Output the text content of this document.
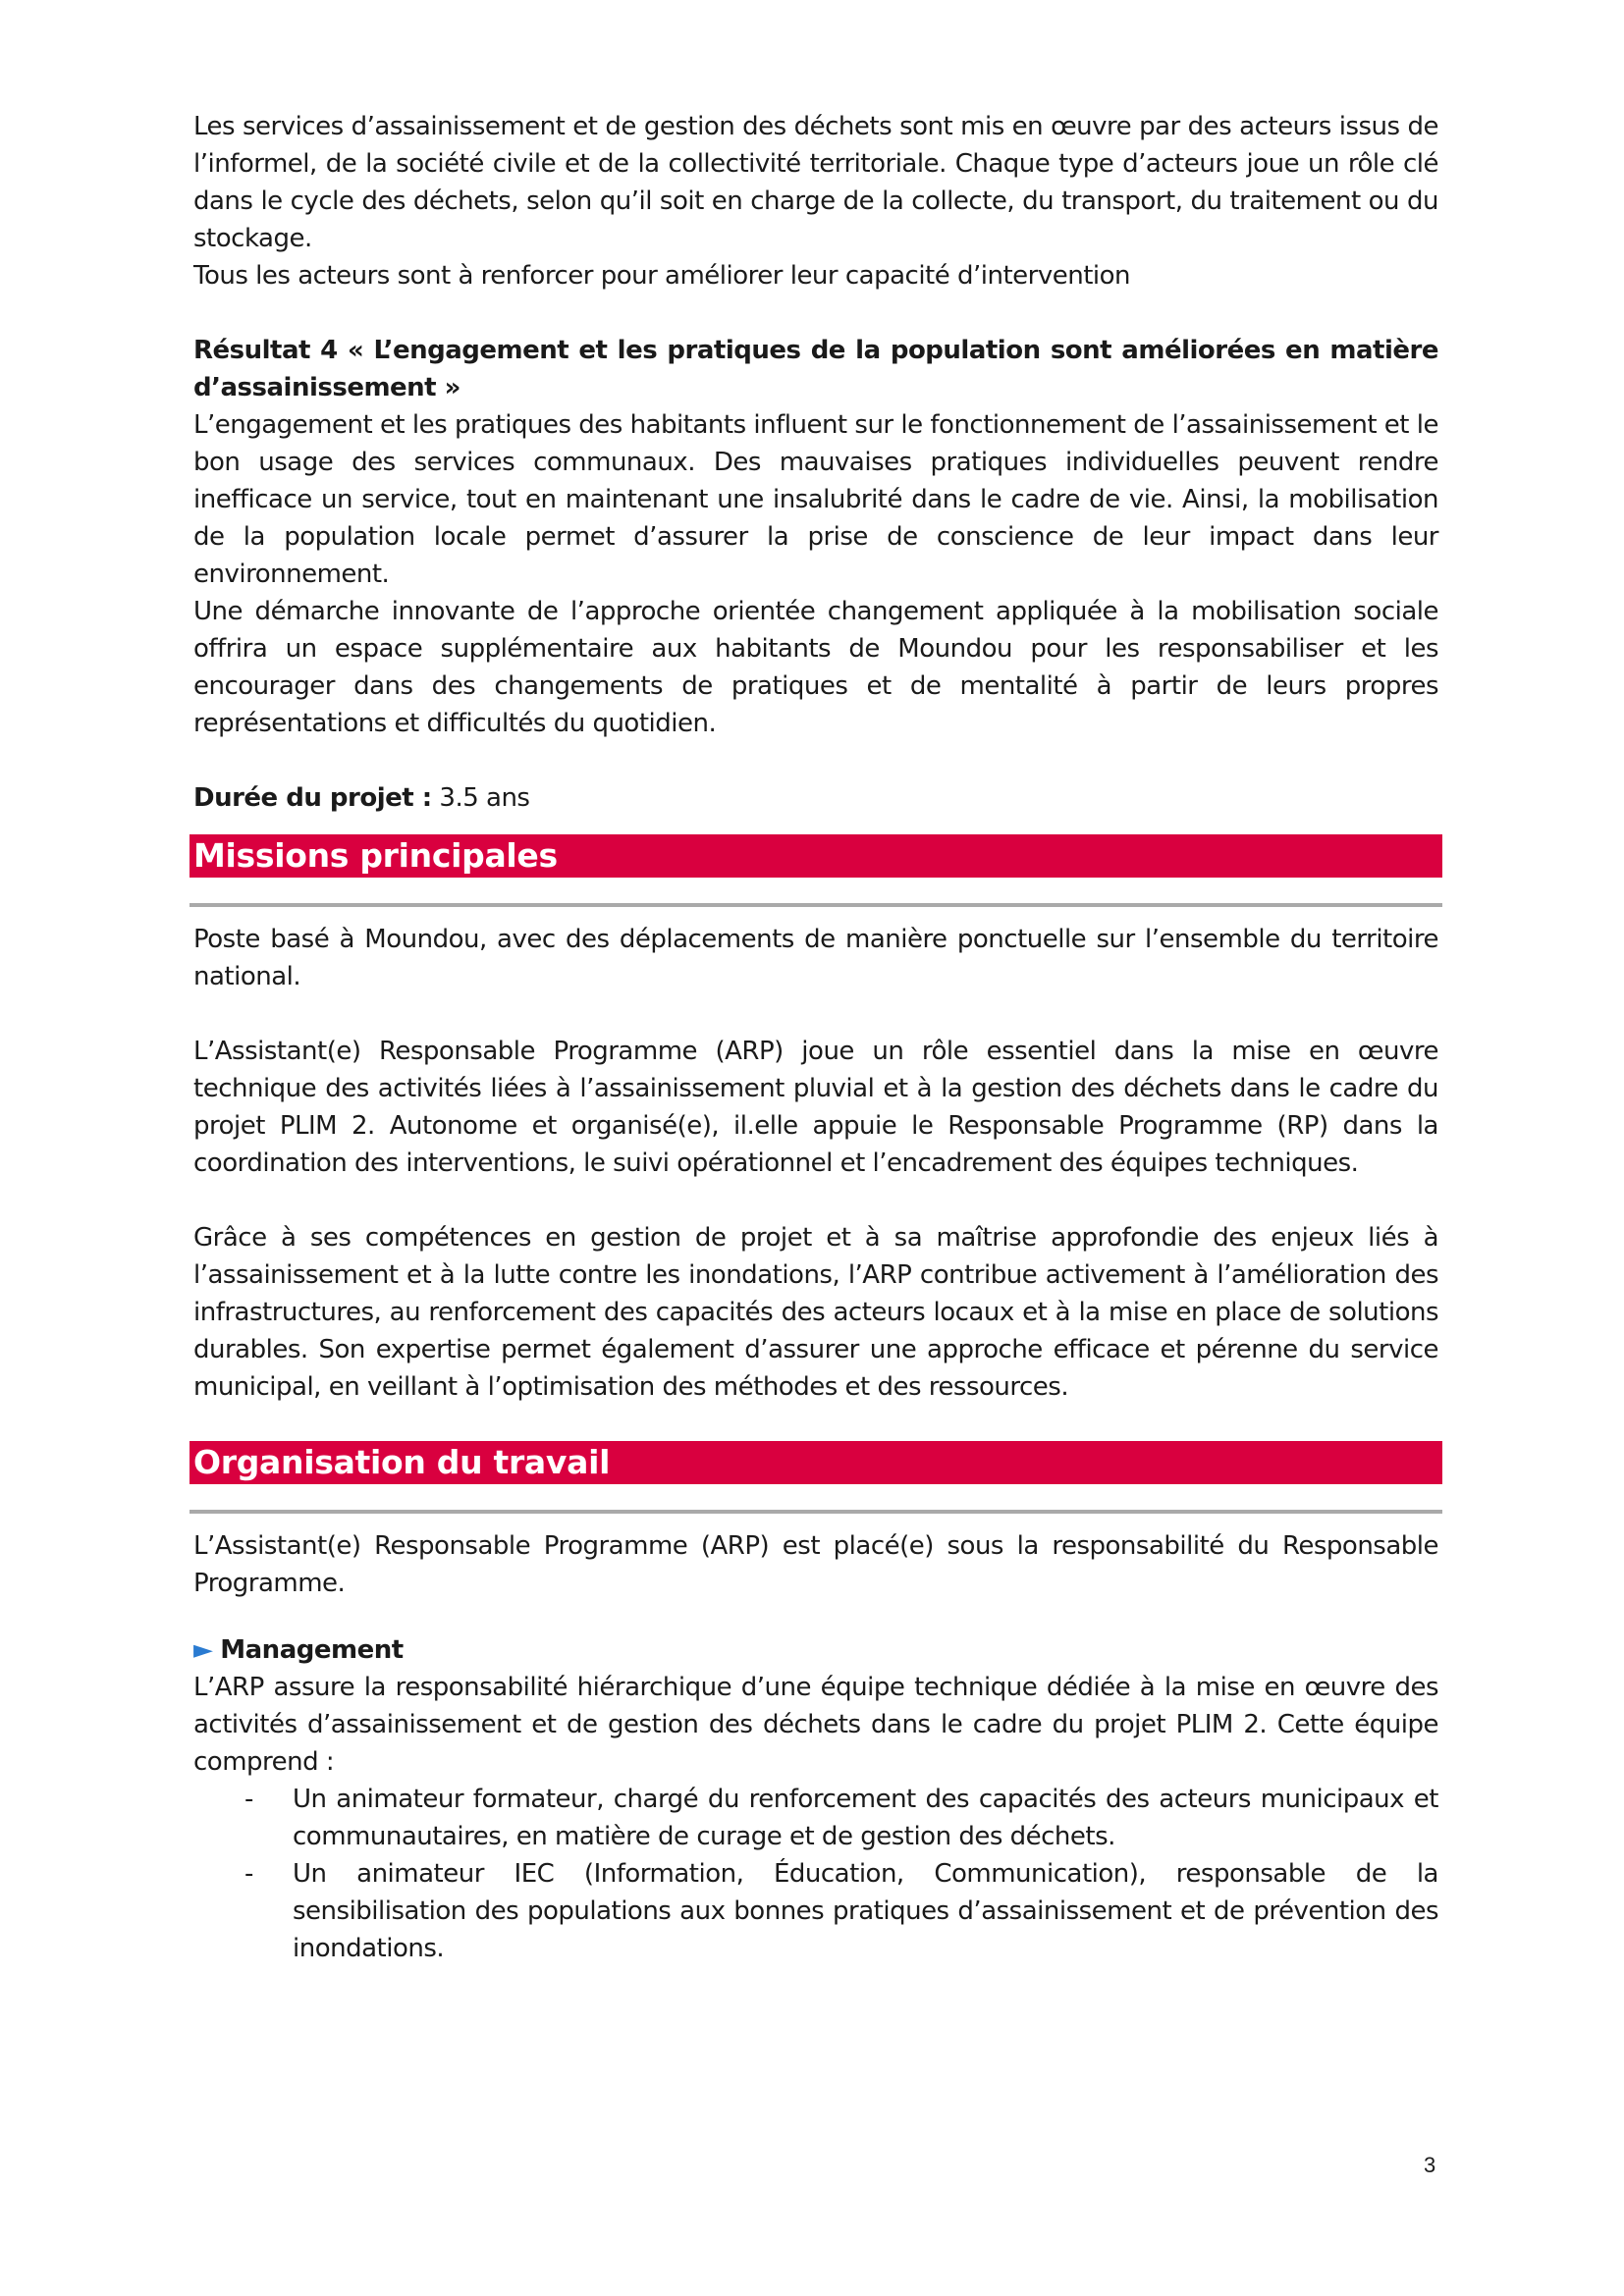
Les services d’assainissement et de gestion des déchets sont mis en œuvre par des acteurs issus de l’informel, de la société civile et de la collectivité territoriale. Chaque type d’acteurs joue un rôle clé dans le cycle des déchets, selon qu’il soit en charge de la collecte, du transport, du traitement ou du stockage.

Tous les acteurs sont à renforcer pour améliorer leur capacité d’intervention

Résultat 4 « L’engagement et les pratiques de la population sont améliorées en matière d’assainissement »

L’engagement et les pratiques des habitants influent sur le fonctionnement de l’assainissement et le bon usage des services communaux. Des mauvaises pratiques individuelles peuvent rendre inefficace un service, tout en maintenant une insalubrité dans le cadre de vie. Ainsi, la mobilisation de la population locale permet d’assurer la prise de conscience de leur impact dans leur environnement.

Une démarche innovante de l’approche orientée changement appliquée à la mobilisation sociale offrira un espace supplémentaire aux habitants de Moundou pour les responsabiliser et les encourager dans des changements de pratiques et de mentalité à partir de leurs propres représentations et difficultés du quotidien.

Durée du projet : 3.5 ans

Missions principales

Poste basé à Moundou, avec des déplacements de manière ponctuelle sur l’ensemble du territoire national.

L’Assistant(e) Responsable Programme (ARP) joue un rôle essentiel dans la mise en œuvre technique des activités liées à l’assainissement pluvial et à la gestion des déchets dans le cadre du projet PLIM 2. Autonome et organisé(e), il.elle appuie le Responsable Programme (RP) dans la coordination des interventions, le suivi opérationnel et l’encadrement des équipes techniques.

Grâce à ses compétences en gestion de projet et à sa maîtrise approfondie des enjeux liés à l’assainissement et à la lutte contre les inondations, l’ARP contribue activement à l’amélioration des infrastructures, au renforcement des capacités des acteurs locaux et à la mise en place de solutions durables. Son expertise permet également d’assurer une approche efficace et pérenne du service municipal, en veillant à l’optimisation des méthodes et des ressources.

Organisation du travail

L’Assistant(e) Responsable Programme (ARP) est placé(e) sous la responsabilité du Responsable Programme.

► Management

L’ARP assure la responsabilité hiérarchique d’une équipe technique dédiée à la mise en œuvre des activités d’assainissement et de gestion des déchets dans le cadre du projet PLIM 2. Cette équipe comprend :

- Un animateur formateur, chargé du renforcement des capacités des acteurs municipaux et communautaires, en matière de curage et de gestion des déchets.
- Un animateur IEC (Information, Éducation, Communication), responsable de la sensibilisation des populations aux bonnes pratiques d’assainissement et de prévention des inondations.
3
